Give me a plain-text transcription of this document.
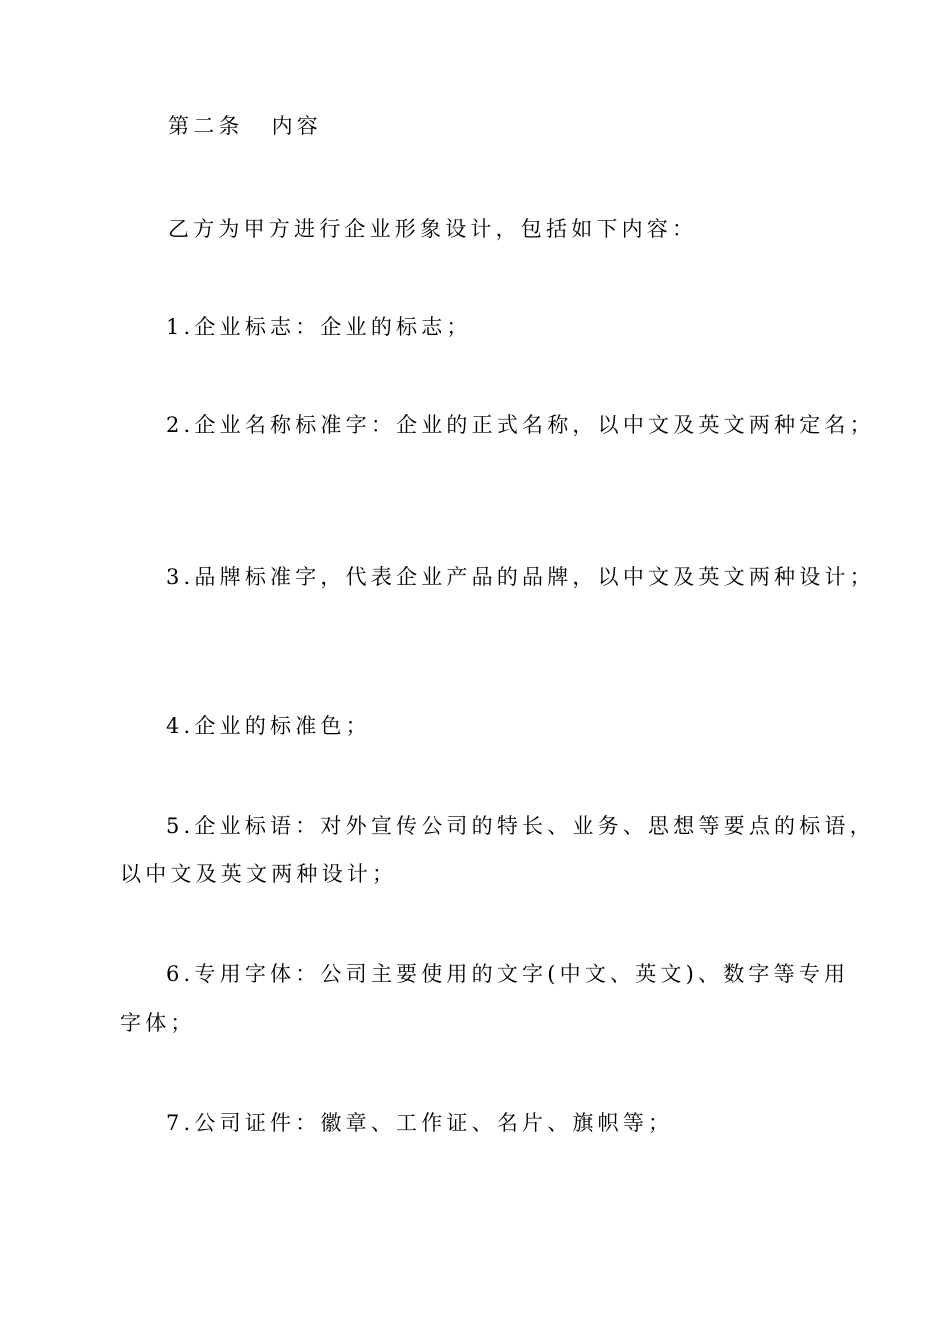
第二条 内容

乙方为甲方进行企业形象设计，包括如下内容：

1.企业标志：企业的标志；

2.企业名称标准字：企业的正式名称，以中文及英文两种定名；

3.品牌标准字，代表企业产品的品牌，以中文及英文两种设计；

4.企业的标准色；

5.企业标语：对外宣传公司的特长、业务、思想等要点的标语，

以中文及英文两种设计；

6.专用字体：公司主要使用的文字(中文、英文)、数字等专用

字体；

7.公司证件：徽章、工作证、名片、旗帜等；
